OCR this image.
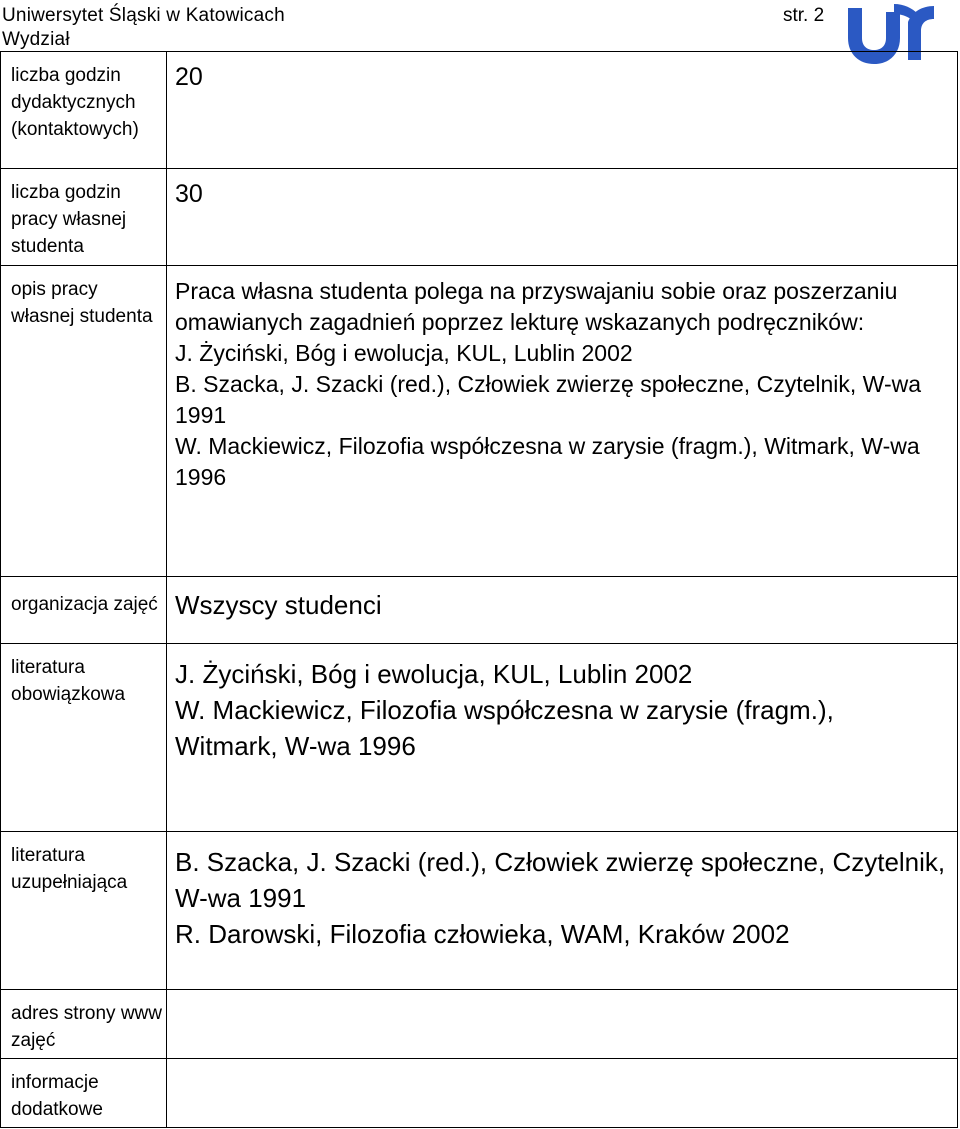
Uniwersytet Śląski w Katowicach
Wydział
str. 2
liczba godzin dydaktycznych (kontaktowych)
20
liczba godzin pracy własnej studenta
30
opis pracy własnej studenta
Praca własna studenta polega na przyswajaniu sobie oraz poszerzaniu
omawianych zagadnień poprzez lekturę wskazanych podręczników:
J. Życiński, Bóg i ewolucja, KUL, Lublin 2002
B. Szacka, J. Szacki (red.), Człowiek zwierzę społeczne, Czytelnik, W-wa
1991
W. Mackiewicz, Filozofia współczesna w zarysie (fragm.), Witmark, W-wa
1996
organizacja zajęć Wszyscy studenci
literatura obowiązkowa
J. Życiński, Bóg i ewolucja, KUL, Lublin 2002
W. Mackiewicz, Filozofia współczesna w zarysie (fragm.),
Witmark, W-wa 1996
literatura uzupełniająca
B. Szacka, J. Szacki (red.), Człowiek zwierzę społeczne, Czytelnik,
W-wa 1991
R. Darowski, Filozofia człowieka, WAM, Kraków 2002
adres strony www zajęć
informacje dodatkowe
